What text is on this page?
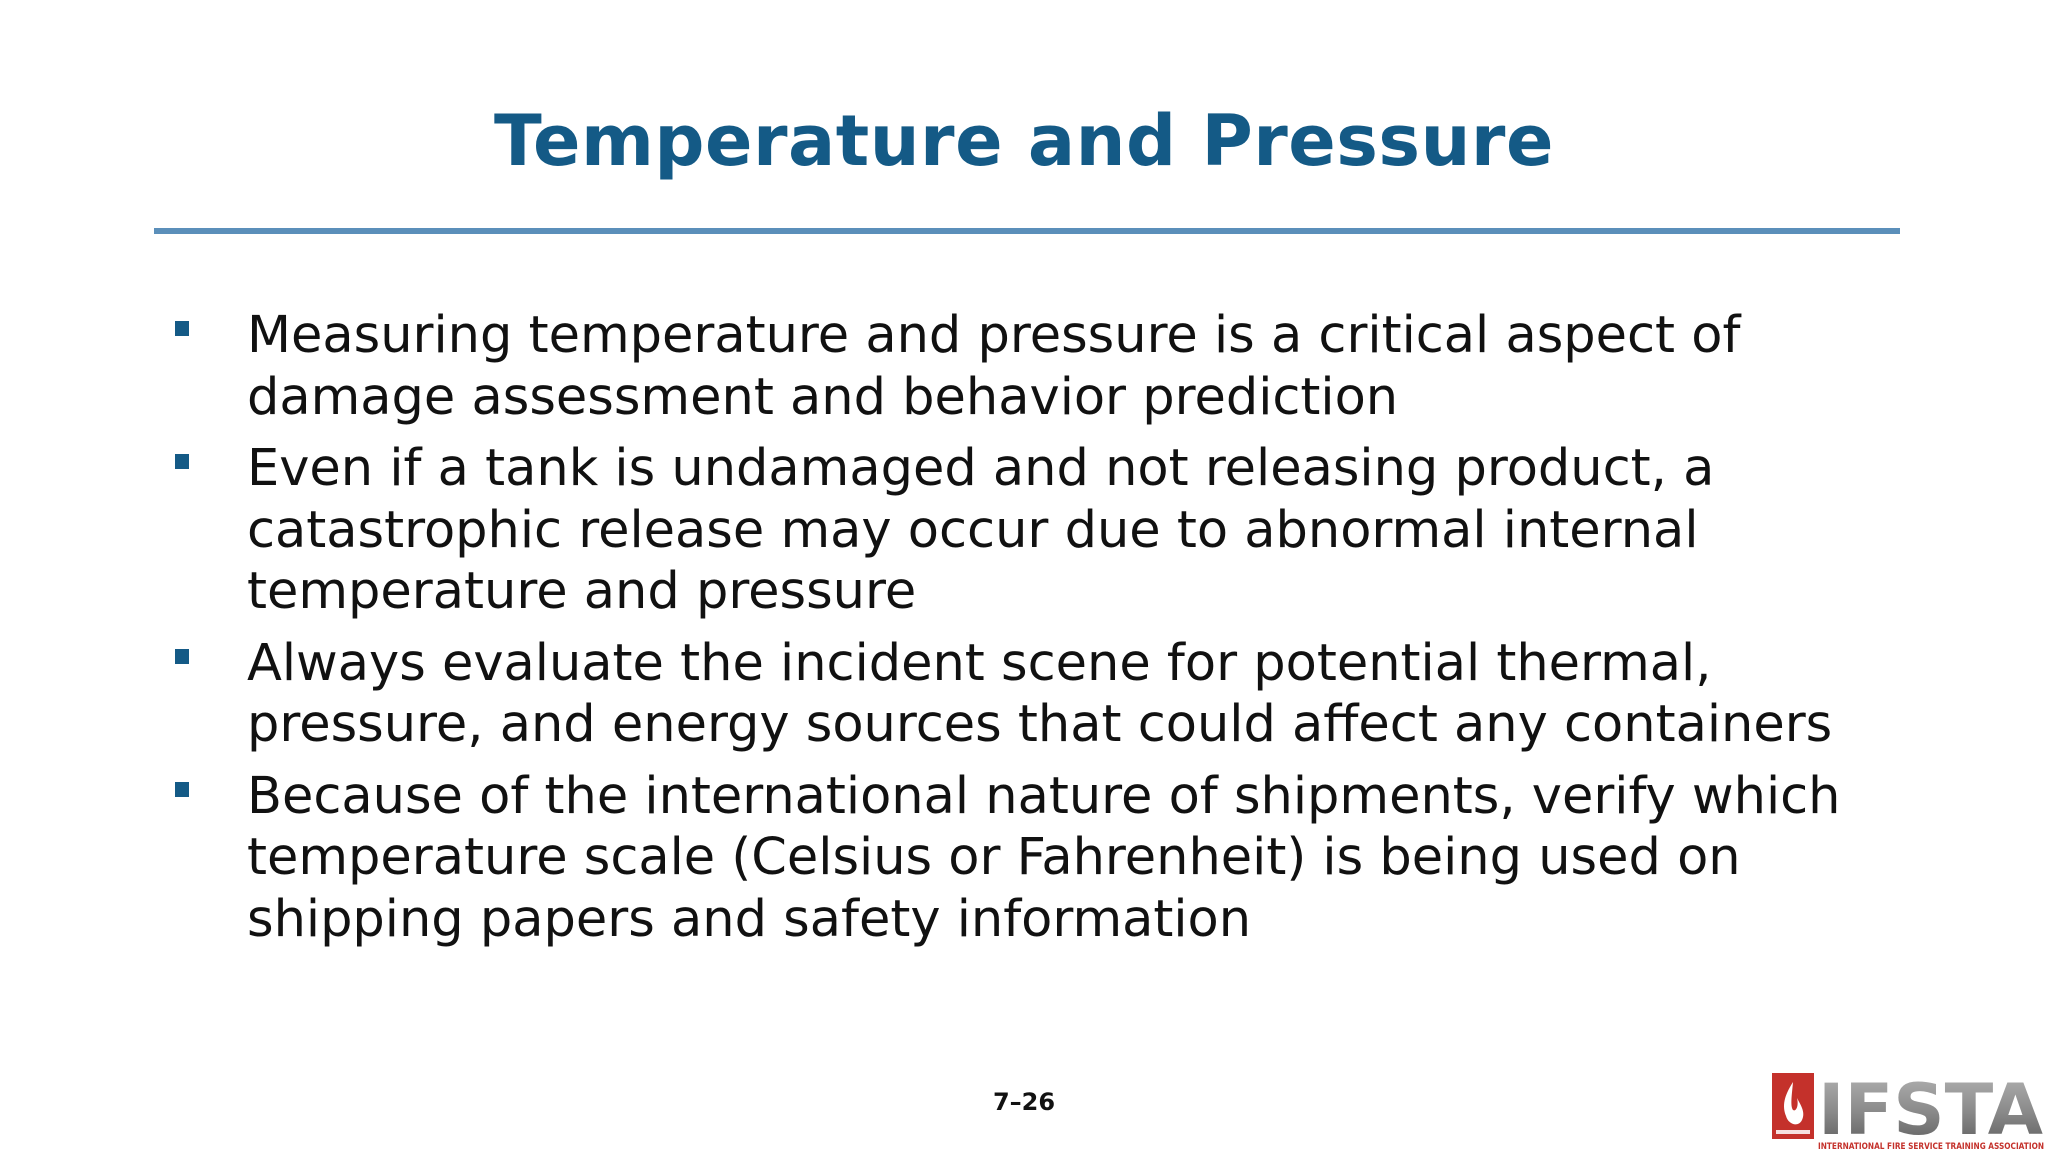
Temperature and Pressure
Measuring temperature and pressure is a critical aspect of damage assessment and behavior prediction
Even if a tank is undamaged and not releasing product, a catastrophic release may occur due to abnormal internal temperature and pressure
Always evaluate the incident scene for potential thermal, pressure, and energy sources that could affect any containers
Because of the international nature of shipments, verify which temperature scale (Celsius or Fahrenheit) is being used on shipping papers and safety information
7–26	IFSTA
INTERNATIONAL FIRE SERVICE TRAINING ASSOCIATION
